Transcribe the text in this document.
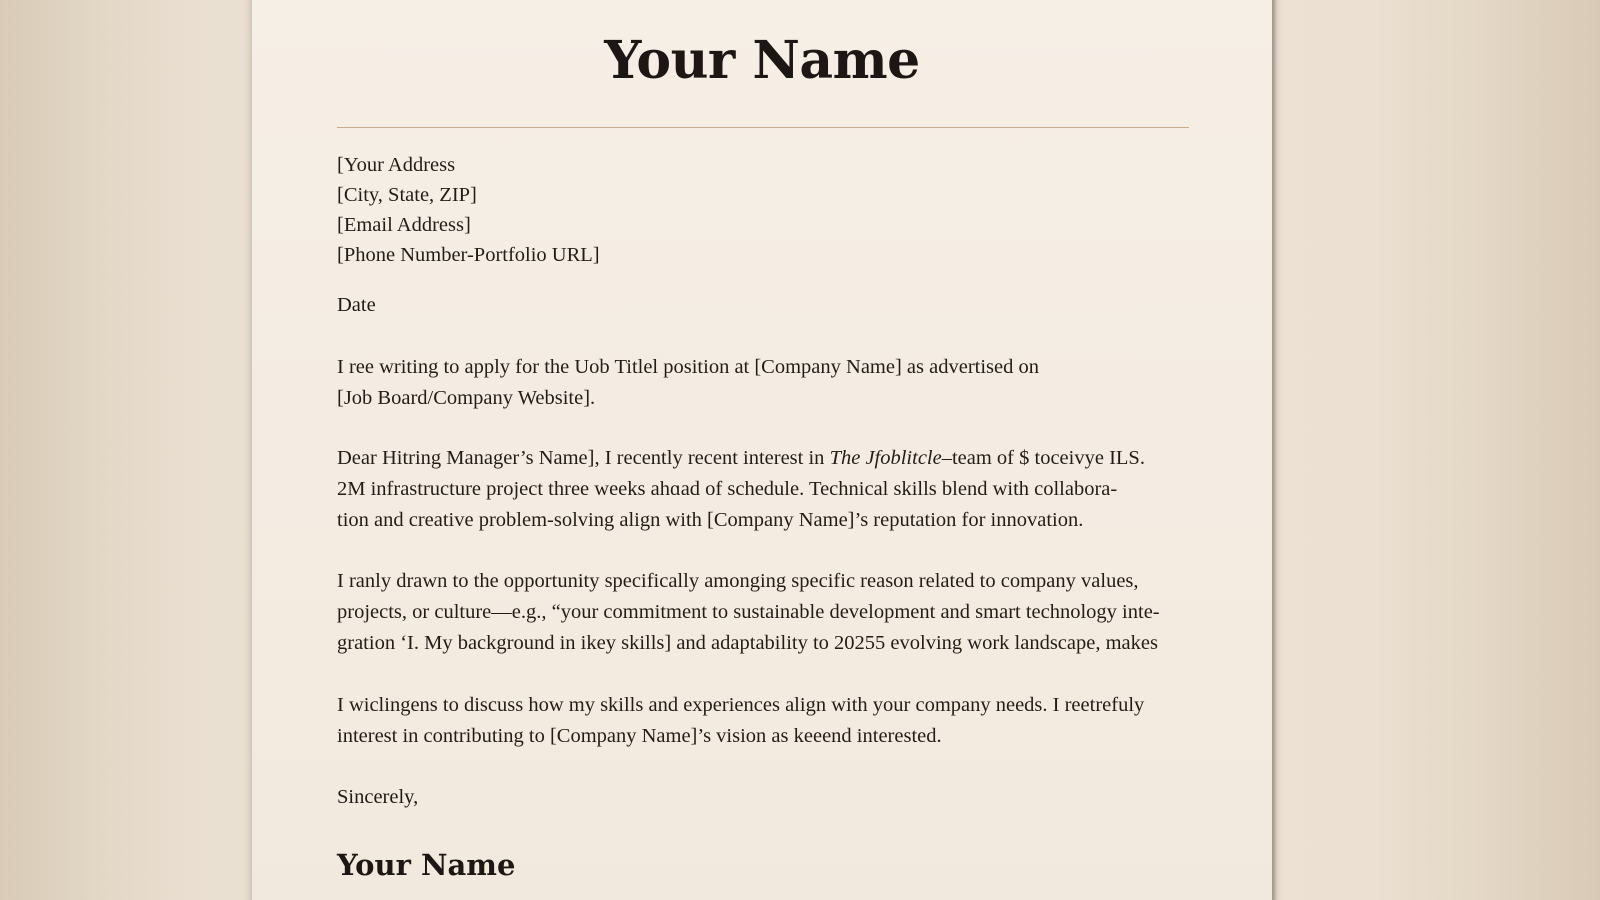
Your Name
[Your Address
[City, State, ZIP]
[Email Address]
[Phone Number-Portfolio URL]
Date

I ree writing to apply for the Uob Titlel position at [Company Name] as advertised on
[Job Board/Company Website].

Dear Hitring Manager’s Name], I recently recent interest in The Jfoblitcle–team of $ toceivye ILS.
2M infrastructure project three weeks ahɑad of schedule. Technical skills blend with collabora-
tion and creative problem-solving align with [Company Name]’s reputation for innovation.

I ranly drawn to the opportunity specifically amonging specific reason related to company values,
projects, or culture—e.g., “your commitment to sustainable development and smart technology inte-
gration ‘I. My background in ikey skills] and adaptability to 20255 evolving work landscape, makes

I wiclingens to discuss how my skills and experiences align with your company needs. I reetrefuly
interest in contributing to [Company Name]’s vision as keeend interested.

Sincerely,
Your Name
